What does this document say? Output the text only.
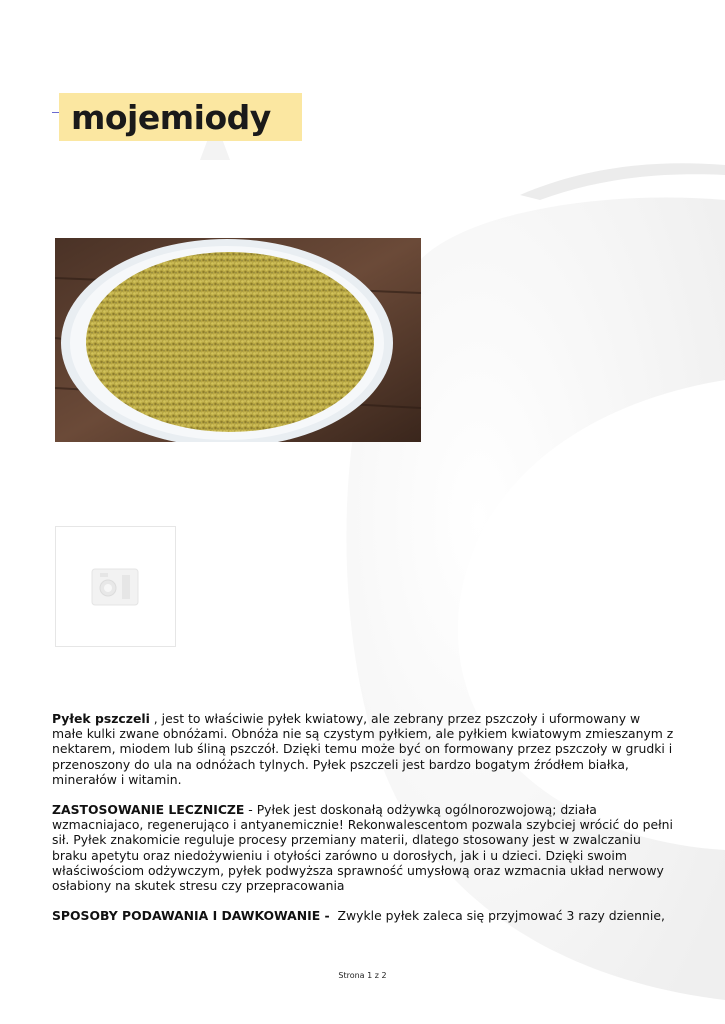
mojemiody

Pyłek pszczeli , jest to właściwie pyłek kwiatowy, ale zebrany przez pszczoły i uformowany w małe kulki zwane obnóżami. Obnóża nie są czystym pyłkiem, ale pyłkiem kwiatowym zmieszanym z nektarem, miodem lub śliną pszczół. Dzięki temu może być on formowany przez pszczoły w grudki i przenoszony do ula na odnóżach tylnych. Pyłek pszczeli jest bardzo bogatym źródłem białka, minerałów i witamin.

ZASTOSOWANIE LECZNICZE - Pyłek jest doskonałą odżywką ogólnorozwojową; działa wzmacniajaco, regenerująco i antyanemicznie! Rekonwalescentom pozwala szybciej wrócić do pełni sił. Pyłek znakomicie reguluje procesy przemiany materii, dlatego stosowany jest w zwalczaniu braku apetytu oraz niedożywieniu i otyłości zarówno u dorosłych, jak i u dzieci. Dzięki swoim właściwościom odżywczym, pyłek podwyższa sprawność umysłową oraz wzmacnia układ nerwowy osłabiony na skutek stresu czy przepracowania

SPOSOBY PODAWANIA I DAWKOWANIE -  Zwykle pyłek zaleca się przyjmować 3 razy dziennie,

Strona 1 z 2
